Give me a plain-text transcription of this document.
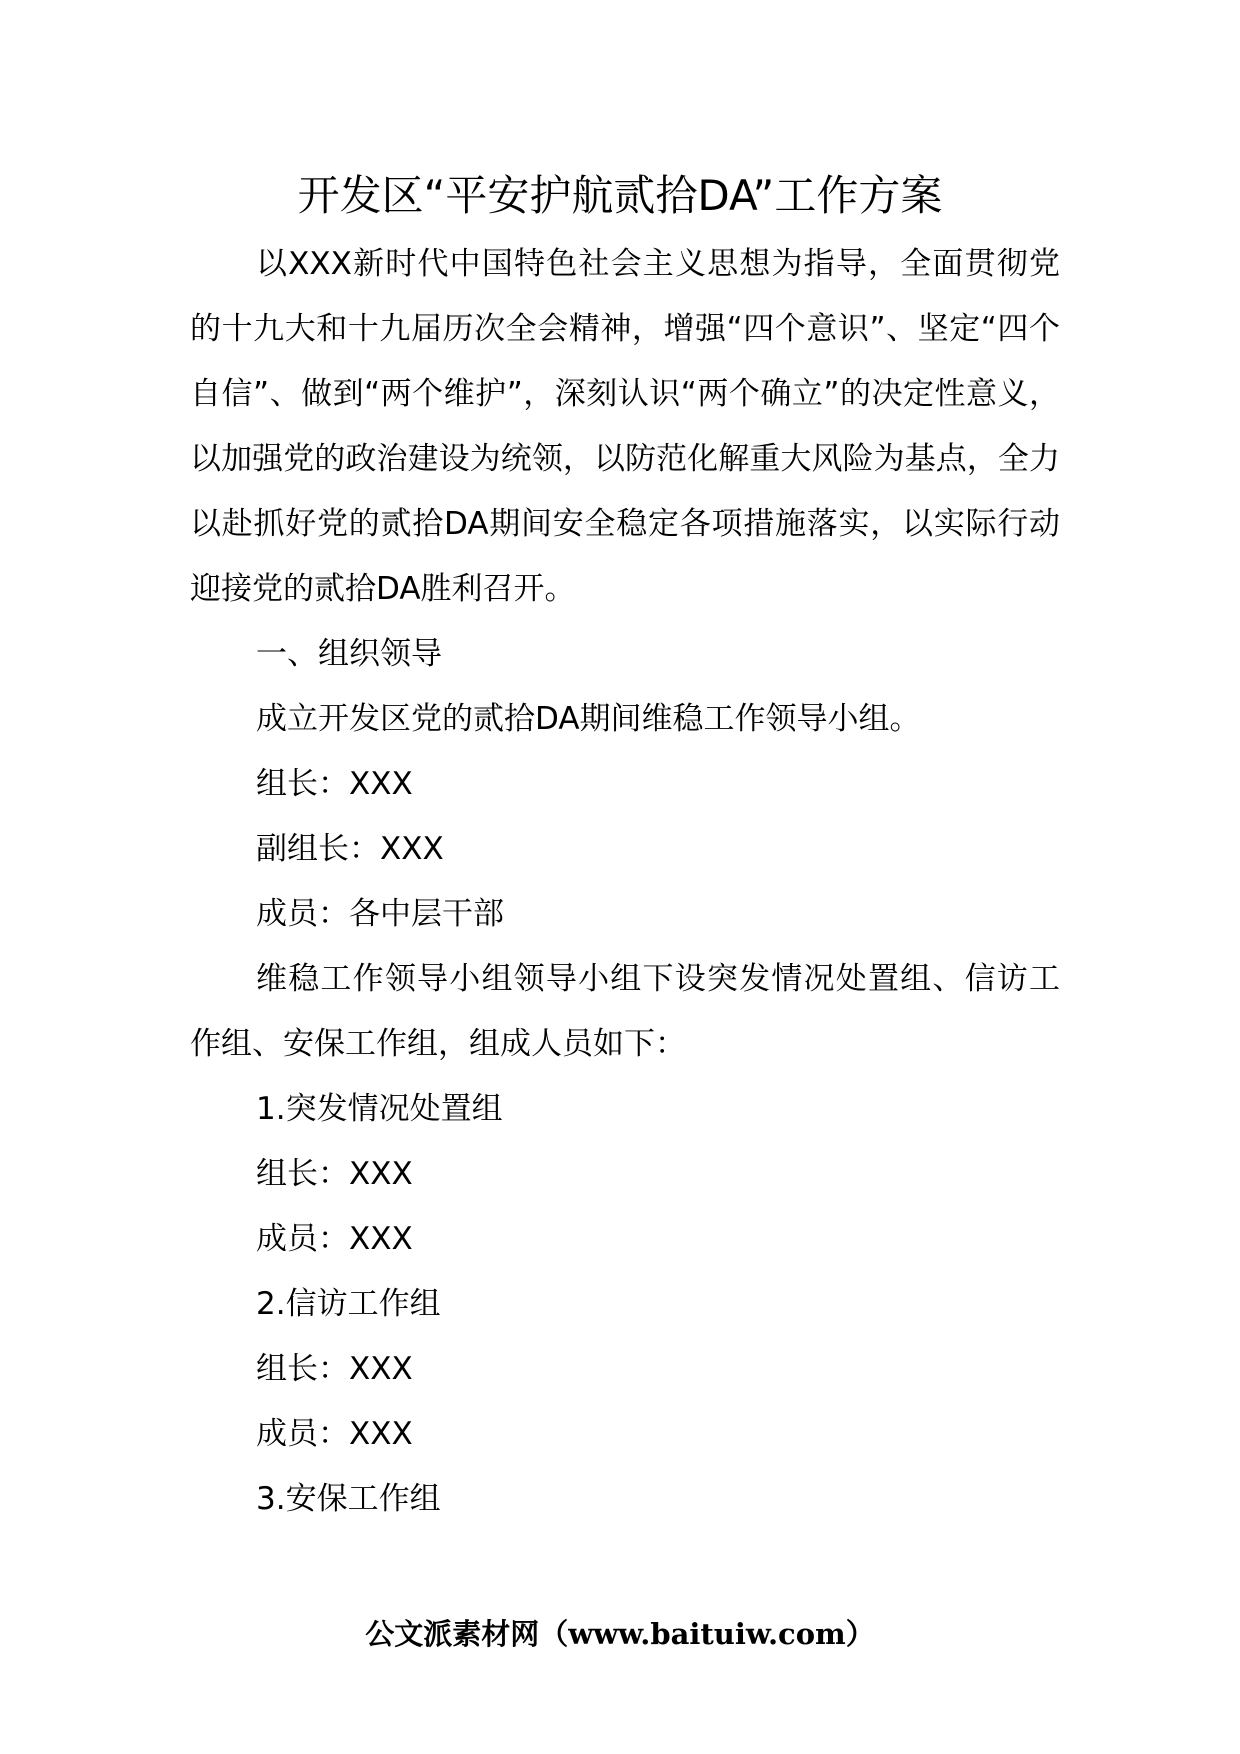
开发区“平安护航贰拾DA”工作方案

以XXX新时代中国特色社会主义思想为指导，全面贯彻党的十九大和十九届历次全会精神，增强“四个意识”、坚定“四个自信”、做到“两个维护”，深刻认识“两个确立”的决定性意义，以加强党的政治建设为统领，以防范化解重大风险为基点，全力以赴抓好党的贰拾DA期间安全稳定各项措施落实，以实际行动迎接党的贰拾DA胜利召开。

一、组织领导

成立开发区党的贰拾DA期间维稳工作领导小组。

组长：XXX

副组长：XXX

成员：各中层干部

维稳工作领导小组领导小组下设突发情况处置组、信访工作组、安保工作组，组成人员如下：

1.突发情况处置组

组长：XXX

成员：XXX

2.信访工作组

组长：XXX

成员：XXX

3.安保工作组

公文派素材网（www.baituiw.com）
